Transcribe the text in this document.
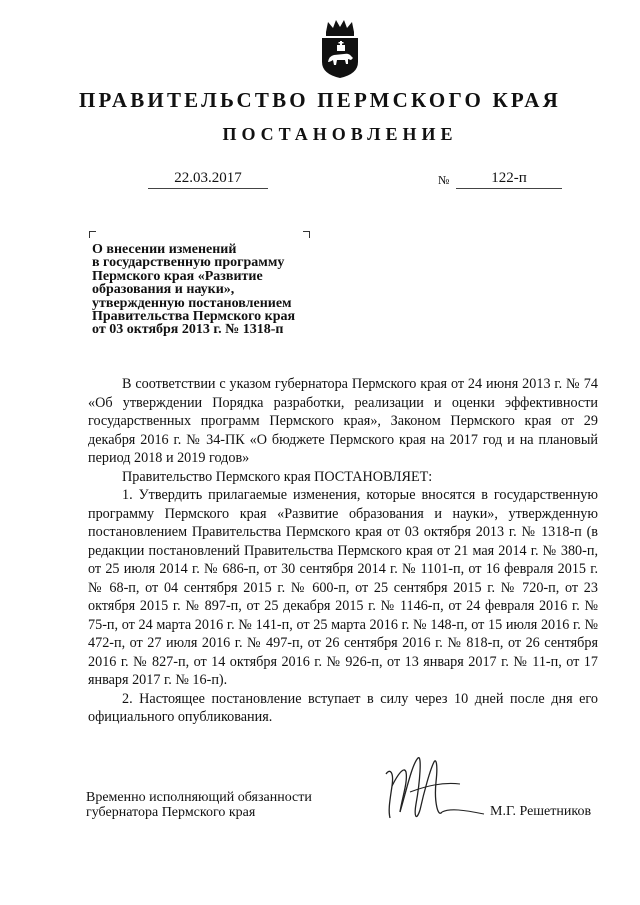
ПРАВИТЕЛЬСТВО ПЕРМСКОГО КРАЯ
ПОСТАНОВЛЕНИЕ
22.03.2017	№	122-п
О внесении изменений
в государственную программу
Пермского края «Развитие
образования и науки»,
утвержденную постановлением
Правительства Пермского края
от 03 октября 2013 г. № 1318-п

В соответствии с указом губернатора Пермского края от 24 июня 2013 г. № 74 «Об утверждении Порядка разработки, реализации и оценки эффективности государственных программ Пермского края», Законом Пермского края от 29 декабря 2016 г. № 34-ПК «О бюджете Пермского края на 2017 год и на плановый период 2018 и 2019 годов»

Правительство Пермского края ПОСТАНОВЛЯЕТ:

1. Утвердить прилагаемые изменения, которые вносятся в государственную программу Пермского края «Развитие образования и науки», утвержденную постановлением Правительства Пермского края от 03 октября 2013 г. № 1318-п (в редакции постановлений Правительства Пермского края от 21 мая 2014 г. № 380-п, от 25 июля 2014 г. № 686-п, от 30 сентября 2014 г. № 1101-п, от 16 февраля 2015 г. № 68-п, от 04 сентября 2015 г. № 600-п, от 25 сентября 2015 г. № 720-п, от 23 октября 2015 г. № 897-п, от 25 декабря 2015 г. № 1146-п, от 24 февраля 2016 г. № 75-п, от 24 марта 2016 г. № 141-п, от 25 марта 2016 г. № 148-п, от 15 июля 2016 г. № 472-п, от 27 июля 2016 г. № 497-п, от 26 сентября 2016 г. № 818-п, от 26 сентября 2016 г. № 827-п, от 14 октября 2016 г. № 926-п, от 13 января 2017 г. № 11-п, от 17 января 2017 г. № 16-п).

2. Настоящее постановление вступает в силу через 10 дней после дня его официального опубликования.

Временно исполняющий обязанности
губернатора Пермского края	М.Г. Решетников
